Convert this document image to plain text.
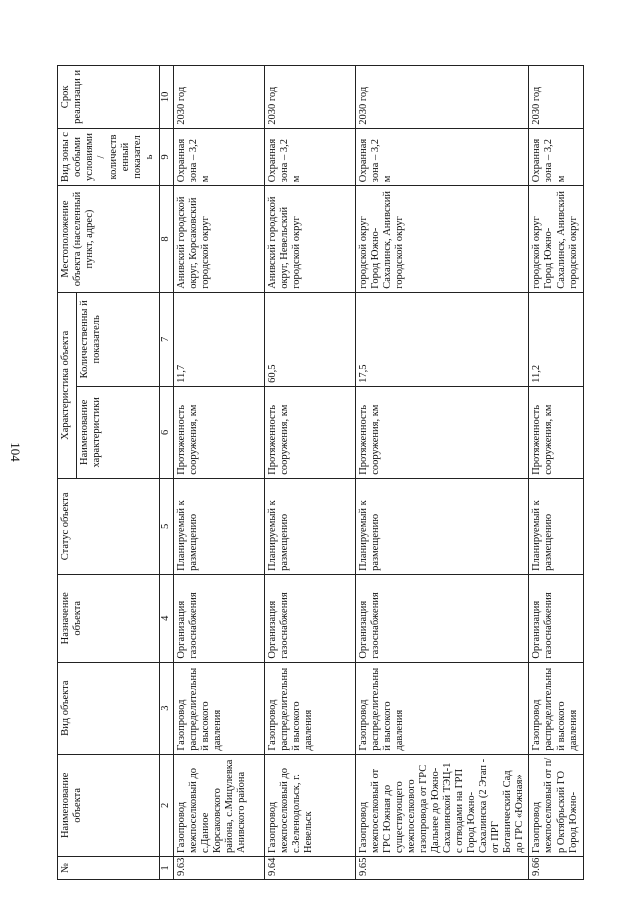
104
№	Наименование объекта	Вид объекта	Назначение объекта	Статус объекта	Характеристика объекта		Местоположение объекта (населенный пункт, адрес)	Вид зоны с особыми условиями / количеств енный показател ь	Срок реализаци и
					Наименование характеристики	Количественны й показатель			
1	2	3	4	5	6	7	8	9	10
9.63	Газопровод межпоселковый до с.Даниое Корсаковского района, с.Мицулевка Анивского района	Газопровод распределительны й высокого давления	Организация газоснабжения	Планируемый к размещению	Протяженность сооружения, км	11,7	Анивский городской округ, Корсаковский городской округ	Охранная зона – 3,2 м	2030 год
9.64	Газопровод межпоселковый до с.Зеленодольск, г. Невельск	Газопровод распределительны й высокого давления	Организация газоснабжения	Планируемый к размещению	Протяженность сооружения, км	60,5	Анивский городской округ, Невельский городской округ	Охранная зона – 3,2 м	2030 год
9.65	Газопровод межпоселковый от ГРС Южная до существующего межпоселкового газопровода от ГРС Дальнее до Южно-Сахалинской ТЭЦ-1 с отводами на ГРП Город Южно-Сахалинска (2 Этап - от ПРГ Ботанический Сад до ГРС «Южная»	Газопровод распределительны й высокого давления	Организация газоснабжения	Планируемый к размещению	Протяженность сооружения, км	17,5	городской округ Город Южно-Сахалинск, Анивский городской округ	Охранная зона – 3,2 м	2030 год
9.66	Газопровод межпоселковый от п/р Октябрьский ГО Город Южно-	Газопровод распределительны й высокого давления	Организация газоснабжения	Планируемый к размещению	Протяженность сооружения, км	11,2	городской округ Город Южно-Сахалинск, Анивский городской округ	Охранная зона – 3,2 м	2030 год
